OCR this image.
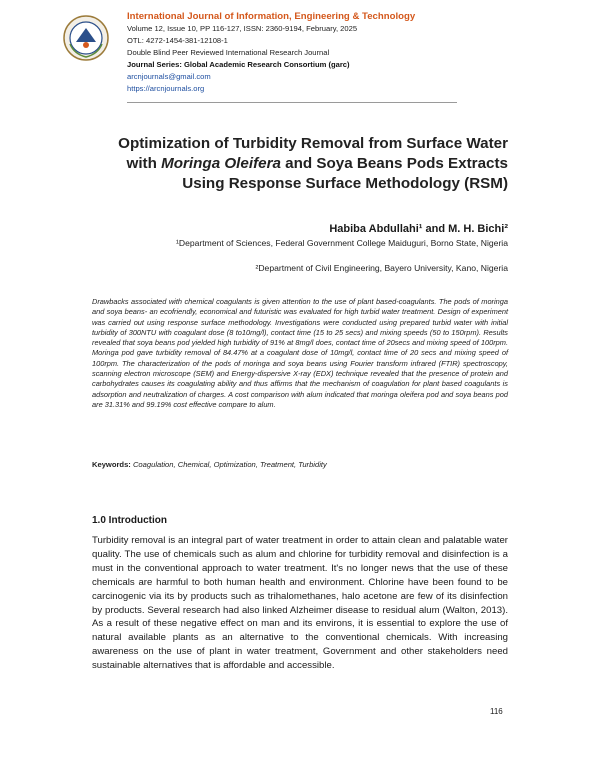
International Journal of Information, Engineering & Technology
Volume 12, Issue 10, PP 116-127, ISSN: 2360-9194, February, 2025
OTL: 4272-1454-381-12108-1
Double Blind Peer Reviewed International Research Journal
Journal Series: Global Academic Research Consortium (garc)
arcnjournals@gmail.com
https://arcnjournals.org
Optimization of Turbidity Removal from Surface Water with Moringa Oleifera and Soya Beans Pods Extracts Using Response Surface Methodology (RSM)
Habiba Abdullahi¹ and M. H. Bichi²
¹Department of Sciences, Federal Government College Maiduguri, Borno State, Nigeria
²Department of Civil Engineering, Bayero University, Kano, Nigeria
Drawbacks associated with chemical coagulants is given attention to the use of plant based-coagulants. The pods of moringa and soya beans- an ecofriendly, economical and futuristic was evaluated for high turbid water treatment. Design of experiment was carried out using response surface methodology. Investigations were conducted using prepared turbid water with initial turbidity of 300NTU with coagulant dose (8 to10mg/l), contact time (15 to 25 secs) and mixing speeds (50 to 150rpm). Results revealed that soya beans pod yielded high turbidity of 91% at 8mg/l does, contact time of 20secs and mixing speed of 100rpm. Moringa pod gave turbidity removal of 84.47% at a coagulant dose of 10mg/l, contact time of 20 secs and mixing speed of 100rpm. The characterization of the pods of moringa and soya beans using Fourier transform infrared (FTIR) spectroscopy, scanning electron microscope (SEM) and Energy-dispersive X-ray (EDX) technique revealed that the presence of protein and carbohydrates causes its coagulating ability and thus affirms that the mechanism of coagulation for plant based coagulants is adsorption and neutralization of charges. A cost comparison with alum indicated that moringa oleifera pod and soya beans pod are 31.31% and 99.19% cost effective compare to alum.
Keywords: Coagulation, Chemical, Optimization, Treatment, Turbidity
1.0 Introduction
Turbidity removal is an integral part of water treatment in order to attain clean and palatable water quality. The use of chemicals such as alum and chlorine for turbidity removal and disinfection is a must in the conventional approach to water treatment. It's no longer news that the use of these chemicals are harmful to both human health and environment. Chlorine have been found to be carcinogenic via its by products such as trihalomethanes, halo acetone are few of its disinfection by products. Several research had also linked Alzheimer disease to residual alum (Walton, 2013). As a result of these negative effect on man and its environs, it is essential to explore the use of natural available plants as an alternative to the conventional chemicals. With increasing awareness on the use of plant in water treatment, Government and other stakeholders need sustainable alternatives that is affordable and accessible.
116
